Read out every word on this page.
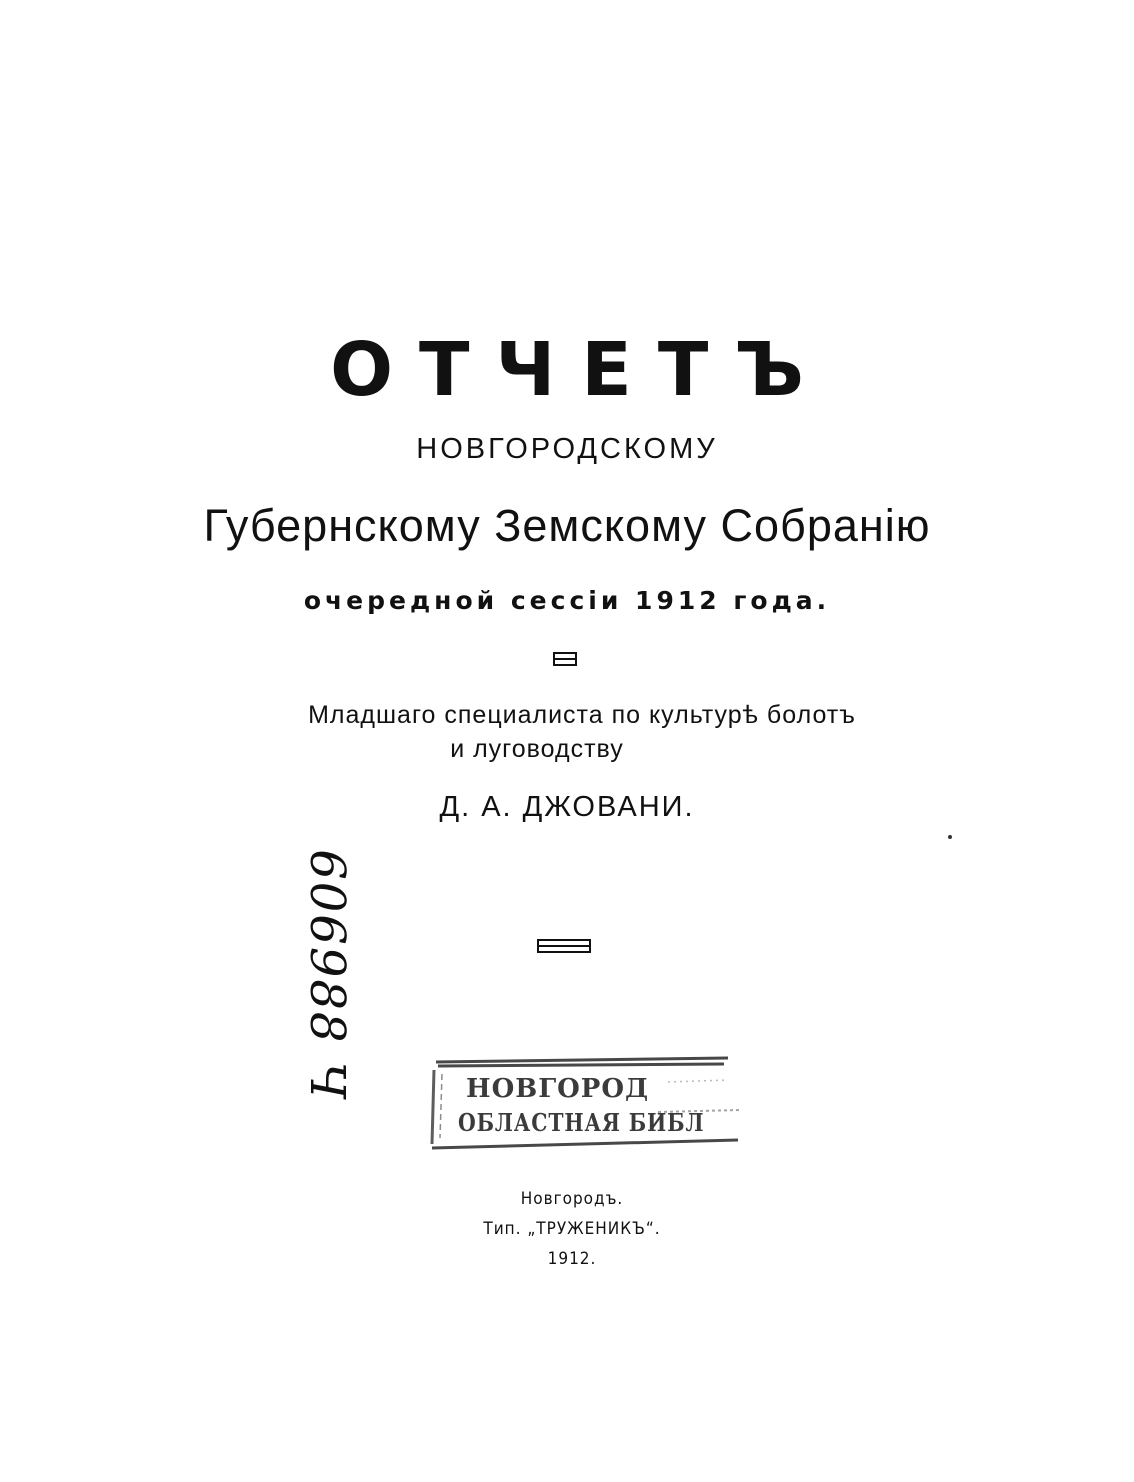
ОТЧЕТЪ
НОВГОРОДСКОМУ
Губернскому Земскому Собранію
очередной сессіи 1912 года.
Младшаго специалиста по культурѣ болотъ
и луговодству
Д. А. ДЖОВАНИ.
606988 Ч	НОВГОРОД
ОБЛАСТНАЯ БИБЛ
Новгородъ.
Тип. „ТРУЖЕНИКЪ“.
1912.
